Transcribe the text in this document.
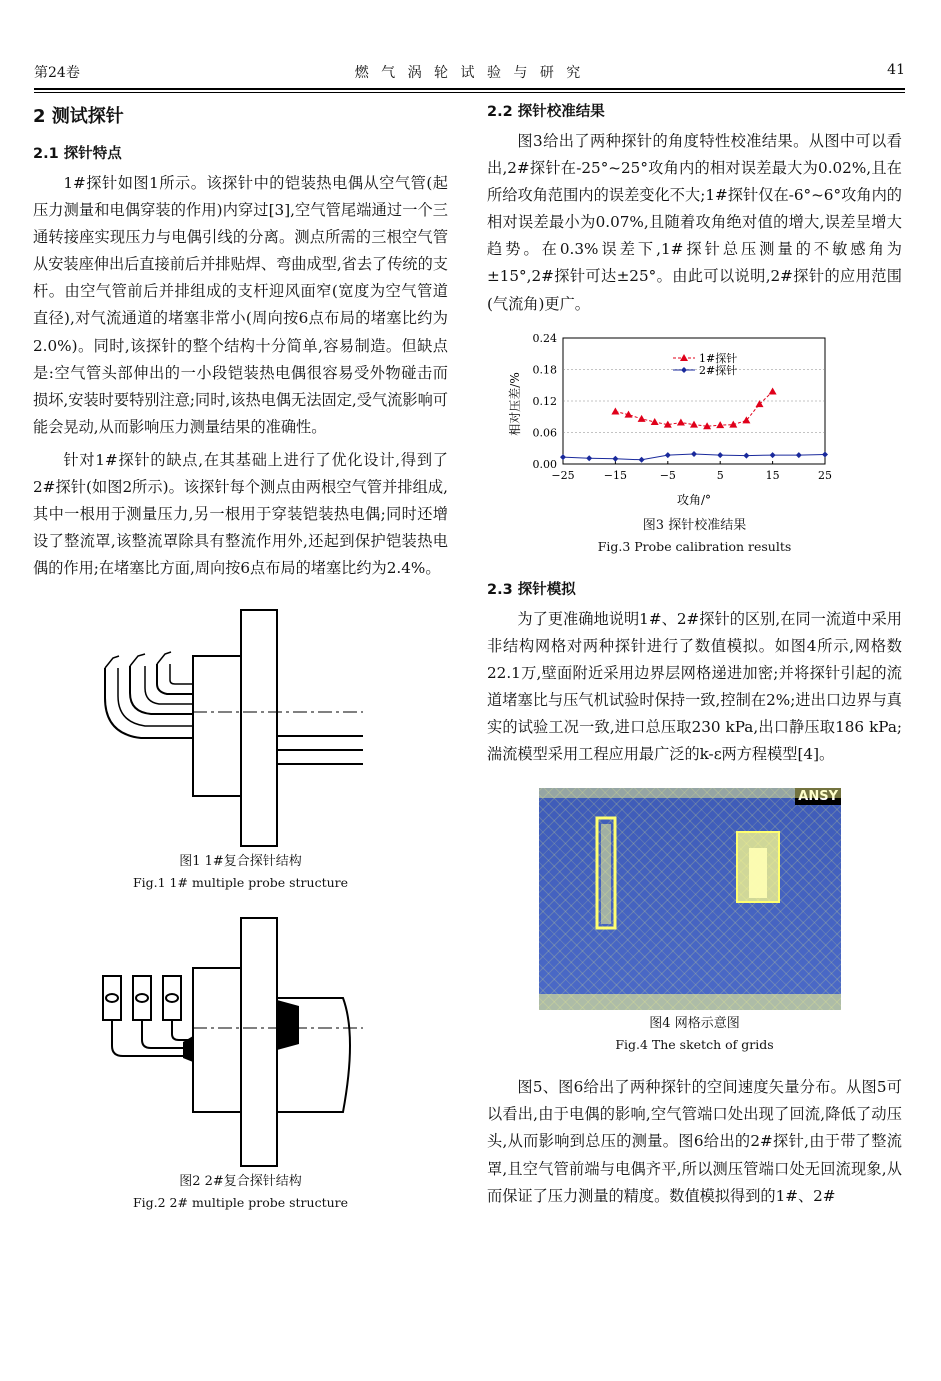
第24卷	燃 气 涡 轮 试 验 与 研 究	41
2 测试探针
2.1 探针特点

1#探针如图1所示。该探针中的铠装热电偶从空气管(起压力测量和电偶穿装的作用)内穿过[3],空气管尾端通过一个三通转接座实现压力与电偶引线的分离。测点所需的三根空气管从安装座伸出后直接前后并排贴焊、弯曲成型,省去了传统的支杆。由空气管前后并排组成的支杆迎风面窄(宽度为空气管道直径),对气流通道的堵塞非常小(周向按6点布局的堵塞比约为2.0%)。同时,该探针的整个结构十分简单,容易制造。但缺点是:空气管头部伸出的一小段铠装热电偶很容易受外物碰击而损坏,安装时要特别注意;同时,该热电偶无法固定,受气流影响可能会晃动,从而影响压力测量结果的准确性。

针对1#探针的缺点,在其基础上进行了优化设计,得到了2#探针(如图2所示)。该探针每个测点由两根空气管并排组成,其中一根用于测量压力,另一根用于穿装铠装热电偶;同时还增设了整流罩,该整流罩除具有整流作用外,还起到保护铠装热电偶的作用;在堵塞比方面,周向按6点布局的堵塞比约为2.4%。

图1 1#复合探针结构
Fig.1 1# multiple probe structure
图2 2#复合探针结构
Fig.2 2# multiple probe structure
2.2 探针校准结果

图3给出了两种探针的角度特性校准结果。从图中可以看出,2#探针在-25°~25°攻角内的相对误差最大为0.02%,且在所给攻角范围内的误差变化不大;1#探针仅在-6°~6°攻角内的相对误差最小为0.07%,且随着攻角绝对值的增大,误差呈增大趋势。在0.3%误差下,1#探针总压测量的不敏感角为±15°,2#探针可达±25°。由此可以说明,2#探针的应用范围(气流角)更广。

0.00
0.06
0.12
0.18
0.24
−25	−15	−5	5	15	25
1#探针
2#探针
相对压差/%
攻角/°
图3 探针校准结果
Fig.3 Probe calibration results
2.3 探针模拟

为了更准确地说明1#、2#探针的区别,在同一流道中采用非结构网格对两种探针进行了数值模拟。如图4所示,网格数22.1万,壁面附近采用边界层网格递进加密;并将探针引起的流道堵塞比与压气机试验时保持一致,控制在2%;进出口边界与真实的试验工况一致,进口总压取230 kPa,出口静压取186 kPa;湍流模型采用工程应用最广泛的k-ε两方程模型[4]。

图4 网格示意图
Fig.4 The sketch of grids

图5、图6给出了两种探针的空间速度矢量分布。从图5可以看出,由于电偶的影响,空气管端口处出现了回流,降低了动压头,从而影响到总压的测量。图6给出的2#探针,由于带了整流罩,且空气管前端与电偶齐平,所以测压管端口处无回流现象,从而保证了压力测量的精度。数值模拟得到的1#、2#
